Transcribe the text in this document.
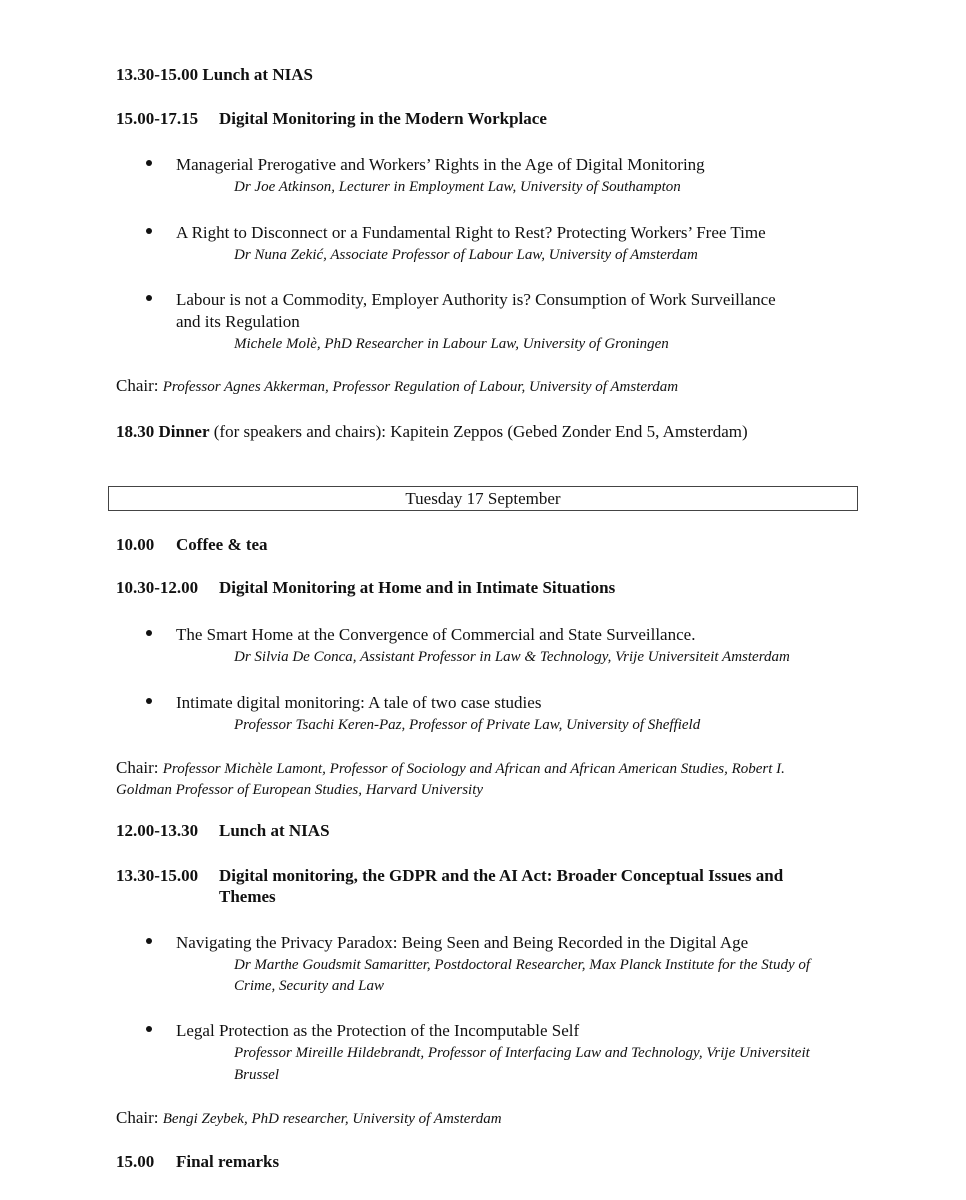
13.30-15.00 Lunch at NIAS
15.00-17.15 Digital Monitoring in the Modern Workplace
Managerial Prerogative and Workers’ Rights in the Age of Digital Monitoring
Dr Joe Atkinson, Lecturer in Employment Law, University of Southampton
A Right to Disconnect or a Fundamental Right to Rest? Protecting Workers’ Free Time
Dr Nuna Zekić, Associate Professor of Labour Law, University of Amsterdam
Labour is not a Commodity, Employer Authority is? Consumption of Work Surveillance
and its Regulation
Michele Molè, PhD Researcher in Labour Law, University of Groningen
Chair: Professor Agnes Akkerman, Professor Regulation of Labour, University of Amsterdam
18.30 Dinner (for speakers and chairs): Kapitein Zeppos (Gebed Zonder End 5, Amsterdam)
Tuesday 17 September
10.00 Coffee & tea
10.30-12.00 Digital Monitoring at Home and in Intimate Situations
The Smart Home at the Convergence of Commercial and State Surveillance.
Dr Silvia De Conca, Assistant Professor in Law & Technology, Vrije Universiteit Amsterdam
Intimate digital monitoring: A tale of two case studies
Professor Tsachi Keren-Paz, Professor of Private Law, University of Sheffield
Chair: Professor Michèle Lamont, Professor of Sociology and African and African American Studies, Robert I.
Goldman Professor of European Studies, Harvard University
12.00-13.30 Lunch at NIAS
13.30-15.00 Digital monitoring, the GDPR and the AI Act: Broader Conceptual Issues and
Themes
Navigating the Privacy Paradox: Being Seen and Being Recorded in the Digital Age
Dr Marthe Goudsmit Samaritter, Postdoctoral Researcher, Max Planck Institute for the Study of
Crime, Security and Law
Legal Protection as the Protection of the Incomputable Self
Professor Mireille Hildebrandt, Professor of Interfacing Law and Technology, Vrije Universiteit
Brussel
Chair: Bengi Zeybek, PhD researcher, University of Amsterdam
15.00 Final remarks
